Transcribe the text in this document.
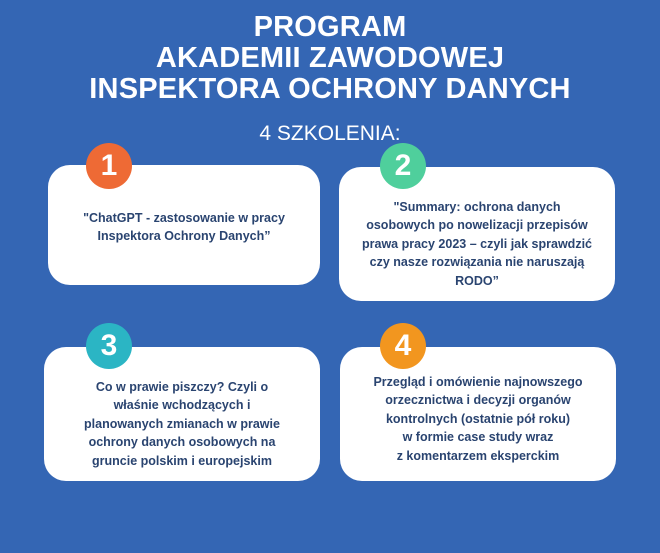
PROGRAM
AKADEMII ZAWODOWEJ
INSPEKTORA OCHRONY DANYCH
4 SZKOLENIA:
"ChatGPT - zastosowanie w pracy
Inspektora Ochrony Danych”
1
"Summary: ochrona danych
osobowych po nowelizacji przepisów
prawa pracy 2023 – czyli jak sprawdzić
czy nasze rozwiązania nie naruszają
RODO”
2
Co w prawie piszczy? Czyli o
właśnie wchodzących i
planowanych zmianach w prawie
ochrony danych osobowych na
gruncie polskim i europejskim
3
Przegląd i omówienie najnowszego
orzecznictwa i decyzji organów
kontrolnych (ostatnie pół roku)
w formie case study wraz
z komentarzem eksperckim
4
